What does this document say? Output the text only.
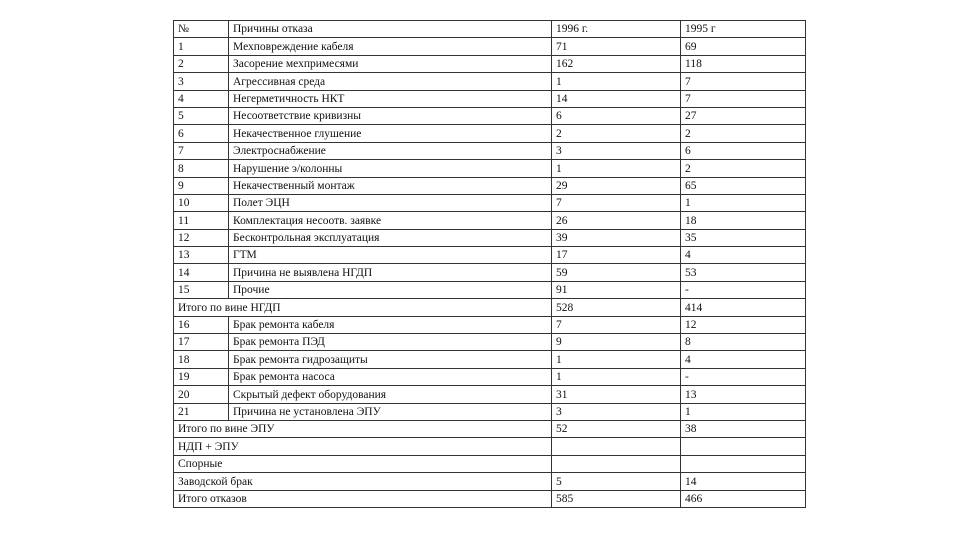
№	Причины отказа	1996 г.	1995 г
1	Мехповреждение кабеля	71	69
2	Засорение мехпримесями	162	118
3	Агрессивная среда	1	7
4	Негерметичность НКТ	14	7
5	Несоответствие кривизны	6	27
6	Некачественное глушение	2	2
7	Электроснабжение	3	6
8	Нарушение э/колонны	1	2
9	Некачественный монтаж	29	65
10	Полет ЭЦН	7	1
11	Комплектация несоотв. заявке	26	18
12	Бесконтрольная эксплуатация	39	35
13	ГТМ	17	4
14	Причина не выявлена НГДП	59	53
15	Прочие	91	-
Итого по вине НГДП		528	414
16	Брак ремонта кабеля	7	12
17	Брак ремонта ПЭД	9	8
18	Брак ремонта гидрозащиты	1	4
19	Брак ремонта насоса	1	-
20	Скрытый дефект оборудования	31	13
21	Причина не установлена ЭПУ	3	1
Итого по вине ЭПУ		52	38
НДП + ЭПУ			
Спорные			
Заводской брак		5	14
Итого отказов		585	466
